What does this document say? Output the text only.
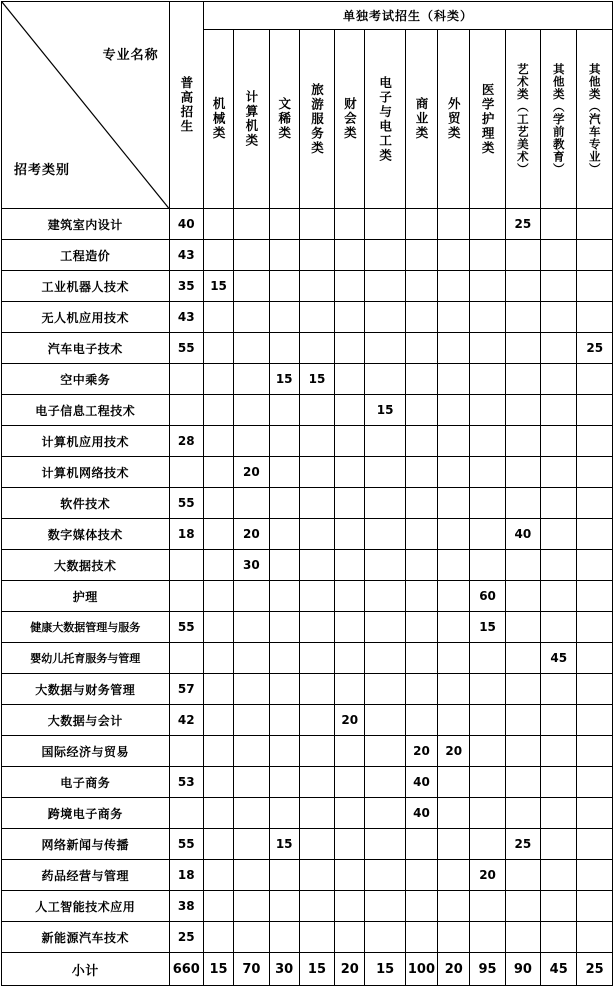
专业名称
招考类别	普高招生	单独考试招生（科类）											

机械类	计算机类	文稀类	旅游服务类	财会类	电子与电工类	商业类	外贸类	医学护理类	艺术类（工艺美术）	其他类（学前教育）	其他类（汽车专业）

建筑室内设计	40										25		
工程造价	43												
工业机器人技术	35	15											
无人机应用技术	43												
汽车电子技术	55												25
空中乘务				15	15								
电子信息工程技术							15						
计算机应用技术	28												
计算机网络技术			20										
软件技术	55												
数字媒体技术	18		20								40		
大数据技术			30										
护理										60			
健康大数据管理与服务	55									15			
婴幼儿托育服务与管理												45	
大数据与财务管理	57												
大数据与会计	42					20							
国际经济与贸易								20	20				
电子商务	53							40					
跨境电子商务								40					
网络新闻与传播	55			15							25		
药品经营与管理	18									20			
人工智能技术应用	38												
新能源汽车技术	25												
小计	660	15	70	30	15	20	15	100	20	95	90	45	25
